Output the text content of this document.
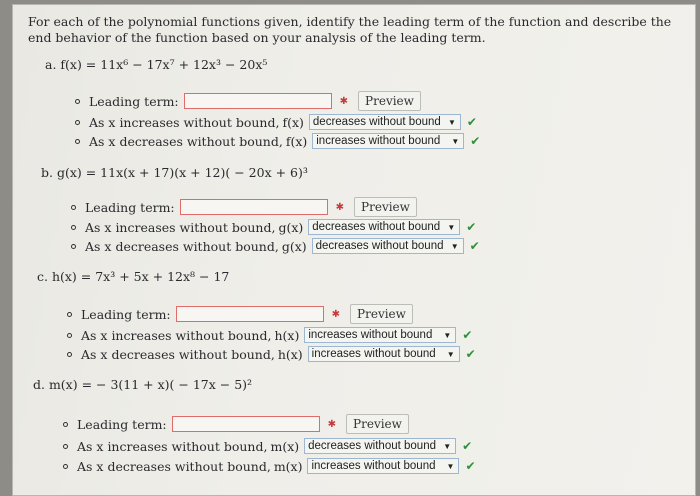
For each of the polynomial functions given, identify the leading term of the function and describe the end behavior of the function based on your analysis of the leading term.
a. f(x) = 11x⁶ − 17x⁷ + 12x³ − 20x⁵
Leading term:	✱	Preview
As x increases without bound, f(x) decreases without bound ▼ ✔
As x decreases without bound, f(x) increases without bound ▼ ✔
b. g(x) = 11x(x + 17)(x + 12)( − 20x + 6)³
Leading term:	✱	Preview
As x increases without bound, g(x) decreases without bound ▼ ✔
As x decreases without bound, g(x) decreases without bound ▼ ✔
c. h(x) = 7x³ + 5x + 12x⁸ − 17
Leading term:	✱	Preview
As x increases without bound, h(x) increases without bound ▼ ✔
As x decreases without bound, h(x) increases without bound ▼ ✔
d. m(x) = − 3(11 + x)( − 17x − 5)²
Leading term:	✱	Preview
As x increases without bound, m(x) decreases without bound ▼ ✔
As x decreases without bound, m(x) increases without bound ▼ ✔
